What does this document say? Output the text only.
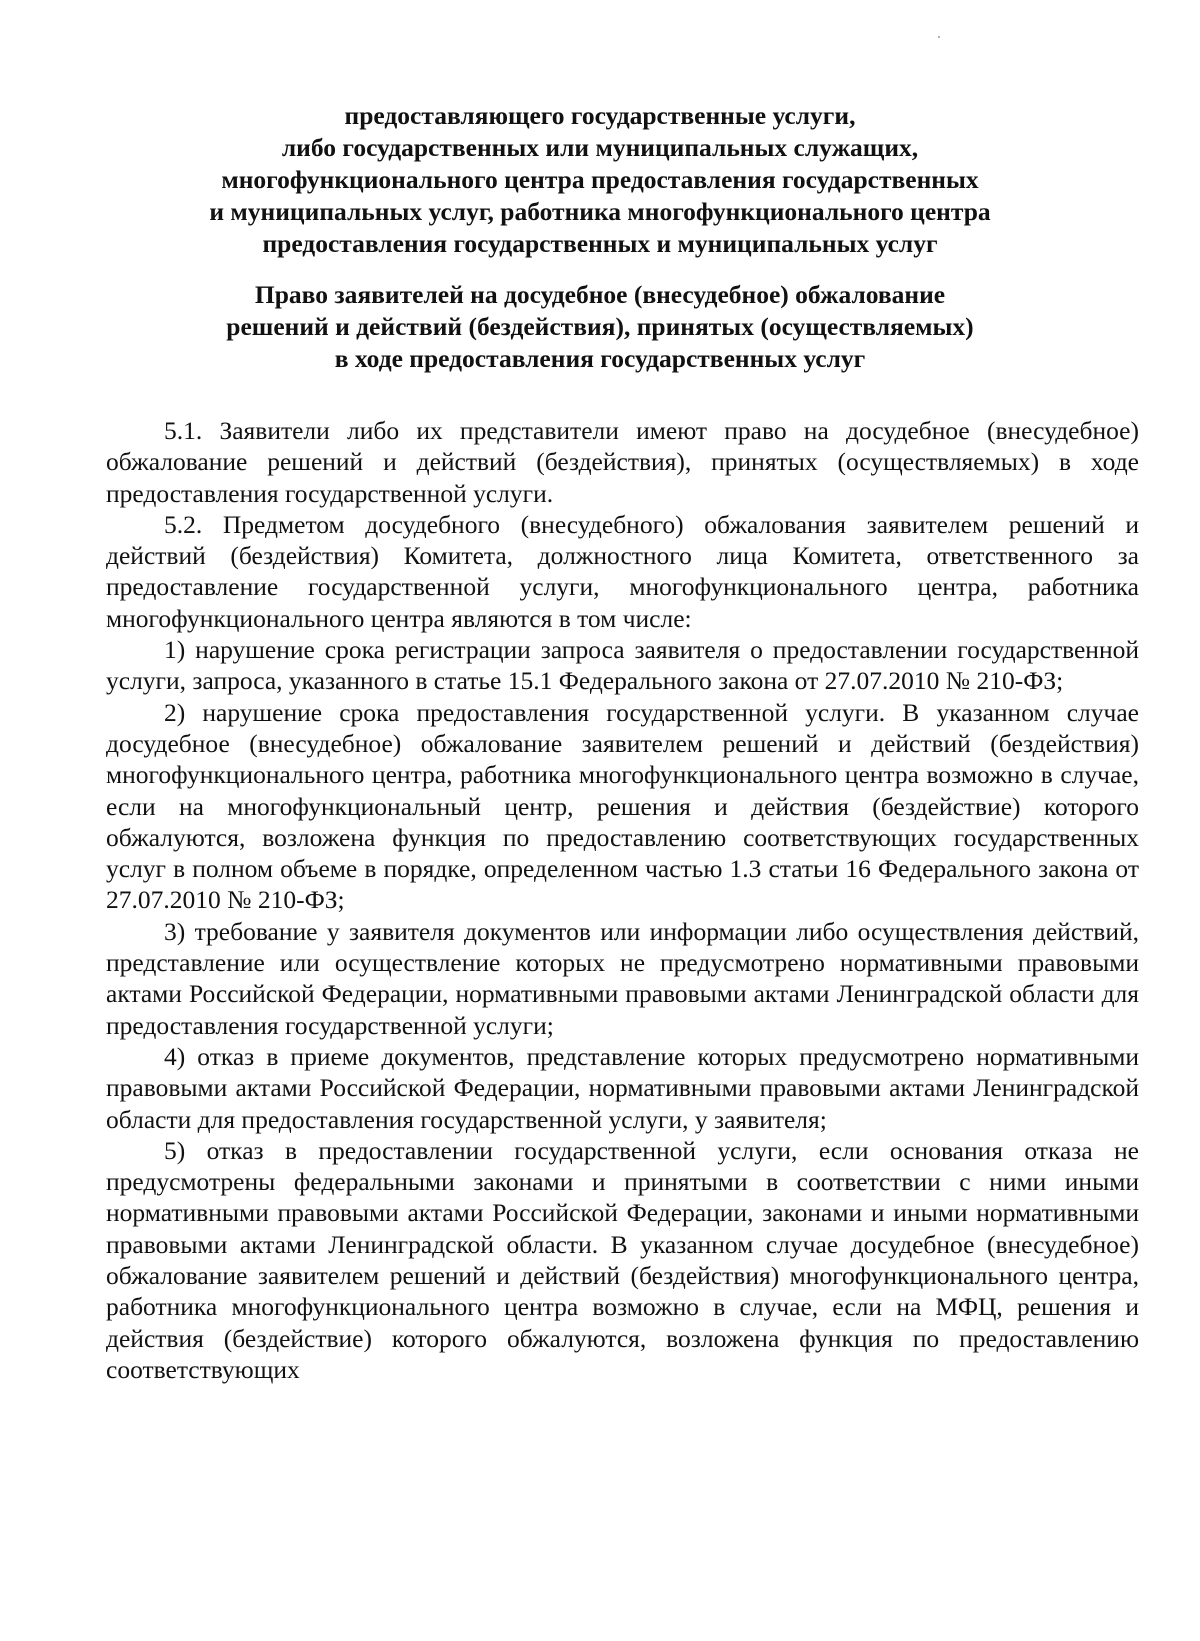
предоставляющего государственные услуги,
либо государственных или муниципальных служащих,
многофункционального центра предоставления государственных
и муниципальных услуг, работника многофункционального центра
предоставления государственных и муниципальных услуг
Право заявителей на досудебное (внесудебное) обжалование
решений и действий (бездействия), принятых (осуществляемых)
в ходе предоставления государственных услуг

5.1. Заявители либо их представители имеют право на досудебное (внесудебное) обжалование решений и действий (бездействия), принятых (осуществляемых) в ходе предоставления государственной услуги.

5.2. Предметом досудебного (внесудебного) обжалования заявителем решений и действий (бездействия) Комитета, должностного лица Комитета, ответственного за предоставление государственной услуги, многофункционального центра, работника многофункционального центра являются в том числе:

1) нарушение срока регистрации запроса заявителя о предоставлении государственной услуги, запроса, указанного в статье 15.1 Федерального закона от 27.07.2010 № 210-ФЗ;

2) нарушение срока предоставления государственной услуги. В указанном случае досудебное (внесудебное) обжалование заявителем решений и действий (бездействия) многофункционального центра, работника многофункционального центра возможно в случае, если на многофункциональный центр, решения и действия (бездействие) которого обжалуются, возложена функция по предоставлению соответствующих государственных услуг в полном объеме в порядке, определенном частью 1.3 статьи 16 Федерального закона от 27.07.2010 № 210-ФЗ;

3) требование у заявителя документов или информации либо осуществления действий, представление или осуществление которых не предусмотрено нормативными правовыми актами Российской Федерации, нормативными правовыми актами Ленинградской области для предоставления государственной услуги;

4) отказ в приеме документов, представление которых предусмотрено нормативными правовыми актами Российской Федерации, нормативными правовыми актами Ленинградской области для предоставления государственной услуги, у заявителя;

5) отказ в предоставлении государственной услуги, если основания отказа не предусмотрены федеральными законами и принятыми в соответствии с ними иными нормативными правовыми актами Российской Федерации, законами и иными нормативными правовыми актами Ленинградской области. В указанном случае досудебное (внесудебное) обжалование заявителем решений и действий (бездействия) многофункционального центра, работника многофункционального центра возможно в случае, если на МФЦ, решения и действия (бездействие) которого обжалуются, возложена функция по предоставлению соответствующих
